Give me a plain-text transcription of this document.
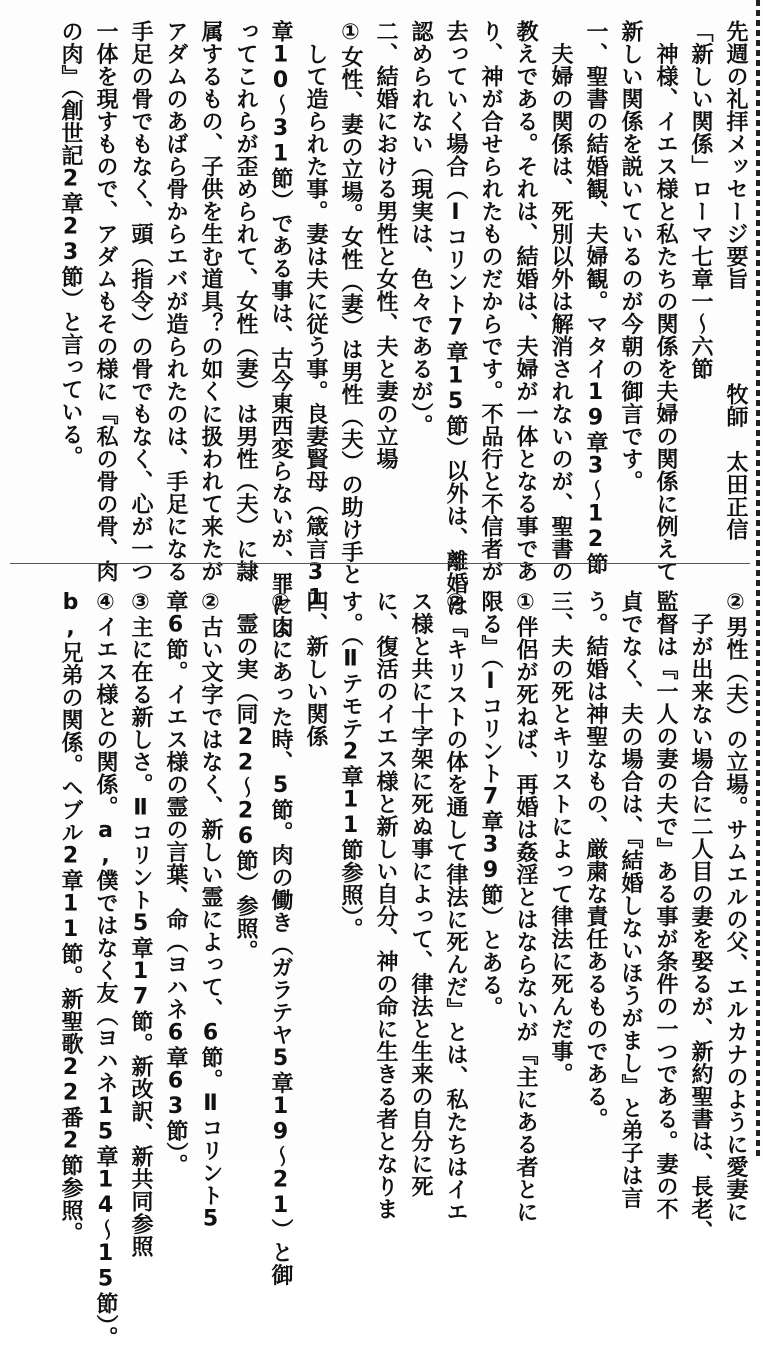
先週の礼拝メッセージ要旨
牧師　太田正信
「新しい関係」ローマ七章一～六節
　神様、イエス様と私たちの関係を夫婦の関係に例えて
新しい関係を説いているのが今朝の御言です。
一、聖書の結婚観、夫婦観。マタイ19章3～12節
　夫婦の関係は、死別以外は解消されないのが、聖書の
教えである。それは、結婚は、夫婦が一体となる事であ
り、神が合せられたものだからです。不品行と不信者が
去っていく場合（Ⅰコリント7章15節）以外は、離婚は
認められない（現実は、色々であるが）。
二、結婚における男性と女性、夫と妻の立場
①女性、妻の立場。女性（妻）は男性（夫）の助け手と
　して造られた事。妻は夫に従う事。良妻賢母（箴言31
章10～31節）である事は、古今東西変らないが、罪によ
ってこれらが歪められて、女性（妻）は男性（夫）に隷
属するもの、子供を生む道具？の如くに扱われて来たが
アダムのあばら骨からエバが造られたのは、手足になる
手足の骨でもなく、頭（指令）の骨でもなく、心が一つ
一体を現すもので、アダムもその様に『私の骨の骨、肉
の肉』（創世記2章23節）と言っている。
②男性（夫）の立場。サムエルの父、エルカナのように愛妻に
　子が出来ない場合に二人目の妻を娶るが、新約聖書は、長老、
監督は『一人の妻の夫で』ある事が条件の一つである。妻の不
貞でなく、夫の場合は、『結婚しないほうがまし』と弟子は言
う。結婚は神聖なもの、厳粛な責任あるものである。
三、夫の死とキリストによって律法に死んだ事。
①伴侶が死ねば、再婚は姦淫とはならないが『主にある者とに
限る』（Ⅰコリント7章39節）とある。
②『キリストの体を通して律法に死んだ』とは、私たちはイエ
ス様と共に十字架に死ぬ事によって、律法と生来の自分に死
に、復活のイエス様と新しい自分、神の命に生きる者となりま
す。（Ⅱテモテ2章11節参照）。
四、新しい関係
①肉にあった時、5節。肉の働き（ガラテヤ5章19～21）と御
　霊の実（同22～26節）参照。
②古い文字ではなく、新しい霊によって、6節。Ⅱコリント5
章6節。イエス様の霊の言葉、命（ヨハネ6章63節）。
③主に在る新しさ。Ⅱコリント5章17節。新改訳、新共同参照
④イエス様との関係。a,僕ではなく友（ヨハネ15章14～15節）。
b,兄弟の関係。ヘブル2章11節。新聖歌22番2節参照。
